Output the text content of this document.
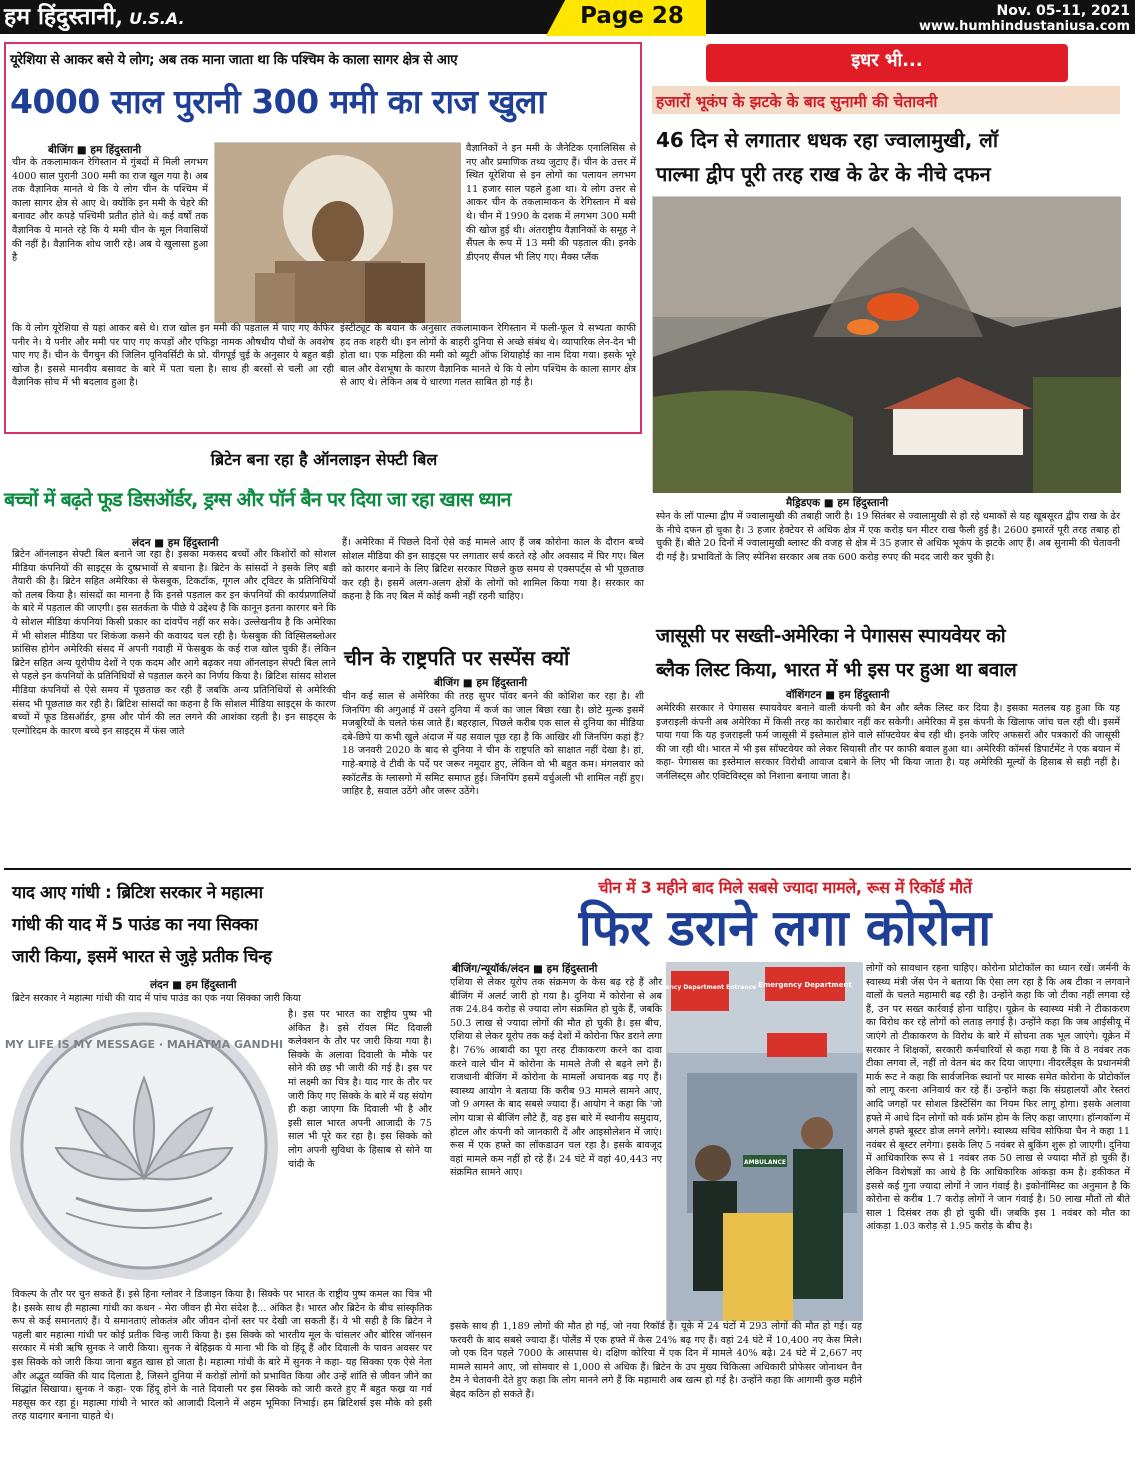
हम हिंदुस्तानी, U.S.A.	Page 28	Nov. 05-11, 2021
www.humhindustaniusa.com
यूरेशिया से आकर बसे ये लोग; अब तक माना जाता था कि पश्चिम के काला सागर क्षेत्र से आए
4000 साल पुरानी 300 ममी का राज खुला
बीजिंग ■ हम हिंदुस्तानी
चीन के तकलामाकन रेगिस्तान में गुंबदों में मिली लगभग 4000 साल पुरानी 300 ममी का राज खुल गया है। अब तक वैज्ञानिक मानते थे कि ये लोग चीन के पश्चिम में काला सागर क्षेत्र से आए थे। क्योंकि इन ममी के चेहरे की बनावट और कपड़े पश्चिमी प्रतीत होते थे। कई वर्षों तक वैज्ञानिक ये मानते रहे कि ये ममी चीन के मूल निवासियों की नहीं है। वैज्ञानिक शोध जारी रहे। अब ये खुलासा हुआ है
वैज्ञानिकों ने इन ममी के जैनेटिक एनालिसिस से नए और प्रमाणिक तथ्य जुटाए हैं। चीन के उत्तर में स्थित यूरेशिया से इन लोगों का पलायन लगभग 11 हजार साल पहले हुआ था। ये लोग उत्तर से आकर चीन के तकलामाकन के रेगिस्तान में बसे थे। चीन में 1990 के दशक में लगभग 300 ममी की खोज हुई थी। अंतराष्ट्रीय वैज्ञानिकों के समूह ने सैंपल के रूप में 13 ममी की पड़ताल की। इनके डीएनए सैंपल भी लिए गए। मैक्स प्लैंक
कि ये लोग यूरेशिया से यहां आकर बसे थे। राज खोल इन ममी की पड़ताल में पाए गए केफिर पनीर ने। ये पनीर और ममी पर पाए गए कपड़ों और एफिड्रा नामक औषधीय पौधों के अवशेष पाए गए हैं। चीन के चैंगचुन की जिलिन यूनिवर्सिटी के प्रो. यीगपूई चुई के अनुसार ये बहुत बड़ी खोज है। इससे मानवीय बसावट के बारे में पता चला है। साथ ही बरसों से चली आ रही वैज्ञानिक सोच में भी बदलाव हुआ है।
इंस्टीट्यूट के बयान के अनुसार तकलामाकन रेगिस्तान में फली-फूल ये सभ्यता काफी हद तक शहरी थी। इन लोगों के बाहरी दुनिया से अच्छे संबंध थे। व्यापारिक लेन-देन भी होता था। एक महिला की ममी को ब्यूटी ऑफ शियाहोई का नाम दिया गया। इसके भूरे बाल और वेशभूषा के कारण वैज्ञानिक मानते थे कि ये लोग पश्चिम के काला सागर क्षेत्र से आए थे। लेकिन अब ये धारणा गलत साबित हो गई है।
इधर भी...
हजारों भूकंप के झटके के बाद सुनामी की चेतावनी
46 दिन से लगातार धधक रहा ज्वालामुखी, लॉ
पाल्मा द्वीप पूरी तरह राख के ढेर के नीचे दफन
मैड्रिडएक ■ हम हिंदुस्तानी
स्पेन के लॉ पाल्मा द्वीप में ज्वालामुखी की तबाही जारी है। 19 सितंबर से ज्वालामुखी से हो रहे धमाकों से यह खूबसूरत द्वीप राख के ढेर के नीचे दफन हो चुका है। 3 हजार हेक्टेयर से अधिक क्षेत्र में एक करोड़ घन मीटर राख फैली हुई है। 2600 इमारतें पूरी तरह तबाह हो चुकी हैं। बीते 20 दिनों में ज्वालामुखी ब्लास्ट की वजह से क्षेत्र में 35 हजार से अधिक भूकंप के झटके आए हैं। अब सुनामी की चेतावनी दी गई है। प्रभावितों के लिए स्पेनिश सरकार अब तक 600 करोड़ रुपए की मदद जारी कर चुकी है।
जासूसी पर सख्ती-अमेरिका ने पेगासस स्पायवेयर को
ब्लैक लिस्ट किया, भारत में भी इस पर हुआ था बवाल
वॉशिंगटन ■ हम हिंदुस्तानी
अमेरिकी सरकार ने पेगासस स्पायवेयर बनाने वाली कंपनी को बैन और ब्लैक लिस्ट कर दिया है। इसका मतलब यह हुआ कि यह इजराइली कंपनी अब अमेरिका में किसी तरह का कारोबार नहीं कर सकेगी। अमेरिका में इस कंपनी के खिलाफ जांच चल रही थी। इसमें पाया गया कि यह इजराइली फर्म जासूसी में इस्तेमाल होने वाले सॉफ्टवेयर बेच रही थी। इनके जरिए अफसरों और पत्रकारों की जासूसी की जा रही थी। भारत में भी इस सॉफ्टवेयर को लेकर सियासी तौर पर काफी बवाल हुआ था। अमेरिकी कॉमर्स डिपार्टमेंट ने एक बयान में कहा- पेगासस का इस्तेमाल सरकार विरोधी आवाज दबाने के लिए भी किया जाता है। यह अमेरिकी मूल्यों के हिसाब से सही नहीं है। जर्नलिस्ट्स और एक्टिविस्ट्स को निशाना बनाया जाता है।
ब्रिटेन बना रहा है ऑनलाइन सेफ्टी बिल
बच्चों में बढ़ते फूड डिसऑर्डर, ड्रग्स और पॉर्न बैन पर दिया जा रहा खास ध्यान
लंदन ■ हम हिंदुस्तानी
ब्रिटेन ऑनलाइन सेफ्टी बिल बनाने जा रहा है। इसका मकसद बच्चों और किशोरों को सोशल मीडिया कंपनियों की साइट्स के दुष्प्रभावों से बचाना है। ब्रिटेन के सांसदों ने इसके लिए बड़ी तैयारी की है। ब्रिटेन सहित अमेरिका से फेसबुक, टिकटॉक, गूगल और ट्विटर के प्रतिनिधियों को तलब किया है। सांसदों का मानना है कि इनसे पड़ताल कर इन कंपनियों की कार्यप्रणालियों के बारे में पड़ताल की जाएगी। इस सतर्कता के पीछे ये उद्देश्य है कि कानून इतना कारगर बने कि ये सोशल मीडिया कंपनियां किसी प्रकार का दांवपेंच नहीं कर सके। उल्लेखनीय है कि अमेरिका में भी सोशल मीडिया पर शिकंजा कसने की कवायद चल रही है। फेसबुक की विह्सिलब्लोअर फ्रांसिस होगेन अमेरिकी संसद में अपनी गवाही में फेसबुक के कई राज खोल चुकी हैं। लेकिन ब्रिटेन सहित अन्य यूरोपीय देशों ने एक कदम और आगे बढ़कर नया ऑनलाइन सेफ्टी बिल लाने से पहले इन कंपनियों के प्रतिनिधियों से पड़ताल करने का निर्णय किया है। ब्रिटिश सांसद सोशल मीडिया कंपनियों से ऐसे समय में पूछताछ कर रही हैं जबकि अन्य प्रतिनिधियों से अमेरिकी संसद भी पूछताछ कर रही है। ब्रिटिश सांसदों का कहना है कि सोशल मीडिया साइट्स के कारण बच्चों में फूड डिसऑर्डर, ड्रग्स और पोर्न की लत लगने की आशंका रहती है। इन साइट्स के एल्गोरिदम के कारण बच्चे इन साइट्स में फंस जाते
हैं। अमेरिका में पिछले दिनों ऐसे कई मामले आए हैं जब कोरोना काल के दौरान बच्चे सोशल मीडिया की इन साइट्स पर लगातार सर्च करते रहे और अवसाद में घिर गए। बिल को कारगर बनाने के लिए ब्रिटिश सरकार पिछले कुछ समय से एक्सपर्ट्स से भी पूछताछ कर रही है। इसमें अलग-अलग क्षेत्रों के लोगों को शामिल किया गया है। सरकार का कहना है कि नए बिल में कोई कमी नहीं रहनी चाहिए।
चीन के राष्ट्रपति पर सस्पेंस क्यों
बीजिंग ■ हम हिंदुस्तानी
चीन कई साल से अमेरिका की तरह सुपर पॉवर बनने की कोशिश कर रहा है। शी जिनपिंग की अगुआई में उसने दुनिया में कर्ज का जाल बिछा रखा है। छोटे मुल्क इसमें मजबूरियों के चलते फंस जाते हैं। बहरहाल, पिछले करीब एक साल से दुनिया का मीडिया दबे-छिपे या कभी खुले अंदाज में यह सवाल पूछ रहा है कि आखिर शी जिनपिंग कहां हैं? 18 जनवरी 2020 के बाद से दुनिया ने चीन के राष्ट्रपति को साक्षात नहीं देखा है। हां, गाहे-बगाहे वे टीवी के पर्दे पर जरूर नमूदार हुए, लेकिन वो भी बहुत कम। मंगलवार को स्कॉटलैंड के ग्लासगो में समिट समाप्त हुई। जिनपिंग इसमें वर्चुअली भी शामिल नहीं हुए। जाहिर है, सवाल उठेंगे और जरूर उठेंगे।
याद आए गांधी : ब्रिटिश सरकार ने महात्मा
गांधी की याद में 5 पाउंड का नया सिक्का
जारी किया, इसमें भारत से जुड़े प्रतीक चिन्ह
लंदन ■ हम हिंदुस्तानी
ब्रिटेन सरकार ने महात्मा गांधी की याद में पांच पाउंड का एक नया सिक्का जारी किया
MY LIFE IS MY MESSAGE · MAHATMA GANDHI
है। इस पर भारत का राष्ट्रीय पुष्प भी अंकित है। इसे रॉयल मिंट दिवाली कलेक्शन के तौर पर जारी किया गया है। सिक्के के अलावा दिवाली के मौके पर सोने की छड़ भी जारी की गई है। इस पर मां लक्ष्मी का चित्र है। याद गार के तौर पर जारी किए गए सिक्के के बारे में यह संयोग ही कहा जाएगा कि दिवाली भी है और इसी साल भारत अपनी आजादी के 75 साल भी पूरे कर रहा है। इस सिक्के को लोग अपनी सुविधा के हिसाब से सोने या चांदी के
विकल्प के तौर पर चुन सकते हैं। इसे हिना ग्लोवर ने डिजाइन किया है। सिक्के पर भारत के राष्ट्रीय पुष्प कमल का चित्र भी है। इसके साथ ही महात्मा गांधी का कथन - मेरा जीवन ही मेरा संदेश है... अंकित है। भारत और ब्रिटेन के बीच सांस्कृतिक रूप से कई समानताएं हैं। ये समानताएं लोकतंत्र और जीवन दोनों स्तर पर देखी जा सकती हैं। ये भी सही है कि ब्रिटेन ने पहली बार महात्मा गांधी पर कोई प्रतीक चिन्ह जारी किया है। इस सिक्के को भारतीय मूल के चांसलर और बोरिस जॉनसन सरकार में मंत्री ऋषि सुनक ने जारी किया। सुनक ने बेहिझक ये माना भी कि वो हिंदू हैं और दिवाली के पावन अवसर पर इस सिक्के को जारी किया जाना बहुत खास हो जाता है। महात्मा गांधी के बारे में सुनक ने कहा- यह सिक्का एक ऐसे नेता और अद्भुत व्यक्ति की याद दिलाता है, जिसने दुनिया में करोड़ों लोगों को प्रभावित किया और उन्हें शांति से जीवन जीने का सिद्धांत सिखाया। सुनक ने कहा- एक हिंदू होने के नाते दिवाली पर इस सिक्के को जारी करते हुए मैं बहुत फख्र या गर्व महसूस कर रहा हूं। महात्मा गांधी ने भारत को आजादी दिलाने में अहम भूमिका निभाई। हम ब्रिटिशर्स इस मौके को इसी तरह यादगार बनाना चाहते थे।
चीन में 3 महीने बाद मिले सबसे ज्यादा मामले, रूस में रिकॉर्ड मौतें
फिर डराने लगा कोरोना
बीजिंग/न्यूयॉर्क/लंदन ■ हम हिंदुस्तानी
एशिया से लेकर यूरोप तक संक्रमण के केस बढ़ रहे हैं और बीजिंग में अलर्ट जारी हो गया है। दुनिया में कोरोना से अब तक 24.84 करोड़ से ज्यादा लोग संक्रमित हो चुके हैं, जबकि 50.3 लाख से ज्यादा लोगों की मौत हो चुकी है। इस बीच, एशिया से लेकर यूरोप तक कई देशों में कोरोना फिर डराने लगा है। 76% आबादी का पूरा तरह टीकाकरण करने का दावा करने वाले चीन में कोरोना के मामले तेजी से बढ़ने लगे हैं। राजधानी बीजिंग में कोरोना के मामलों अचानक बढ़ गए हैं। स्वास्थ्य आयोग ने बताया कि करीब 93 मामले सामने आए, जो 9 अगस्त के बाद सबसे ज्यादा हैं। आयोग ने कहा कि 'जो लोग यात्रा से बीजिंग लौटे हैं, वह इस बारे में स्थानीय समुदाय, होटल और कंपनी को जानकारी दें और आइसोलेशन में जाएं। रूस में एक हफ्ते का लॉकडाउन चल रहा है। इसके बावजूद वहां मामले कम नहीं हो रहे हैं। 24 घंटे में वहां 40,443 नए संक्रमित सामने आए।
Emergency Department Entrance Emergency Department
AMBULANCE
इसके साथ ही 1,189 लोगों की मौत हो गई, जो नया रिकॉर्ड है। यूके में 24 घंटों में 293 लोगों की मौत हो गई। यह फरवरी के बाद सबसे ज्यादा हैं। पोलैंड में एक हफ्ते में केस 24% बढ़ गए हैं। वहां 24 घंटे में 10,400 नए केस मिले। जो एक दिन पहले 7000 के आसपास थे। दक्षिण कोरिया में एक दिन में मामले 40% बढ़े। 24 घंटे में 2,667 नए मामले सामने आए, जो सोमवार से 1,000 से अधिक हैं। ब्रिटेन के उप मुख्य चिकित्सा अधिकारी प्रोफेसर जोनाथन वैन टैम ने चेतावनी देते हुए कहा कि लोग मानने लगे हैं कि महामारी अब खत्म हो गई है। उन्होंने कहा कि आगामी कुछ महीने बेहद कठिन हो सकते हैं।
लोगों को सावधान रहना चाहिए। कोरोना प्रोटोकॉल का ध्यान रखें। जर्मनी के स्वास्थ्य मंत्री जेंस पेन ने बताया कि ऐसा लग रहा है कि अब टीका न लगवाने वालों के चलते महामारी बढ़ रही है। उन्होंने कहा कि जो टीका नहीं लगवा रहे हैं, उन पर सख्त कार्रवाई होना चाहिए। यूक्रेन के स्वास्थ्य मंत्री ने टीकाकरण का विरोध कर रहे लोगों को लताड़ लगाई है। उन्होंने कहा कि जब आईसीयू में जाएंगे तो टीकाकरण के विरोध के बारे में सोचना तक भूल जाएंगे। यूक्रेन में सरकार ने शिक्षकों, सरकारी कर्मचारियों से कहा गया है कि वे 8 नवंबर तक टीका लगवा लें, नहीं तो वेतन बंद कर दिया जाएगा। नीदरलैंड्स के प्रधानमंत्री मार्क रूट ने कहा कि सार्वजनिक स्थानों पर मास्क समेत कोरोना के प्रोटोकॉल को लागू करना अनिवार्य कर रहे हैं। उन्होंने कहा कि संग्रहालयों और रेस्तरां आदि जगहों पर सोशल डिस्टेंसिंग का नियम फिर लागू होगा। इसके अलावा हफ्ते में आधे दिन लोगों को वर्क फ्रॉम होम के लिए कहा जाएगा। हॉन्गकॉन्ग में अगले हफ्ते बूस्टर डोज लगने लगेंगे। स्वास्थ्य सचिव सोफिया चैन ने कहा 11 नवंबर से बूस्टर लगेगा। इसके लिए 5 नवंबर से बुकिंग शुरू हो जाएगी। दुनिया में आधिकारिक रूप से 1 नवंबर तक 50 लाख से ज्यादा मौतें हो चुकी हैं। लेकिन विशेषज्ञों का आधे है कि आधिकारिक आंकड़ा कम है। हकीकत में इससे कई गुना ज्यादा लोगों ने जान गंवाई है। इकोनॉमिस्ट का अनुमान है कि कोरोना से करीब 1.7 करोड़ लोगों ने जान गंवाई है। 50 लाख मौतों तो बीते साल 1 दिसंबर तक ही हो चुकी थीं। जबकि इस 1 नवंबर को मौत का आंकड़ा 1.03 करोड़ से 1.95 करोड़ के बीच है।
